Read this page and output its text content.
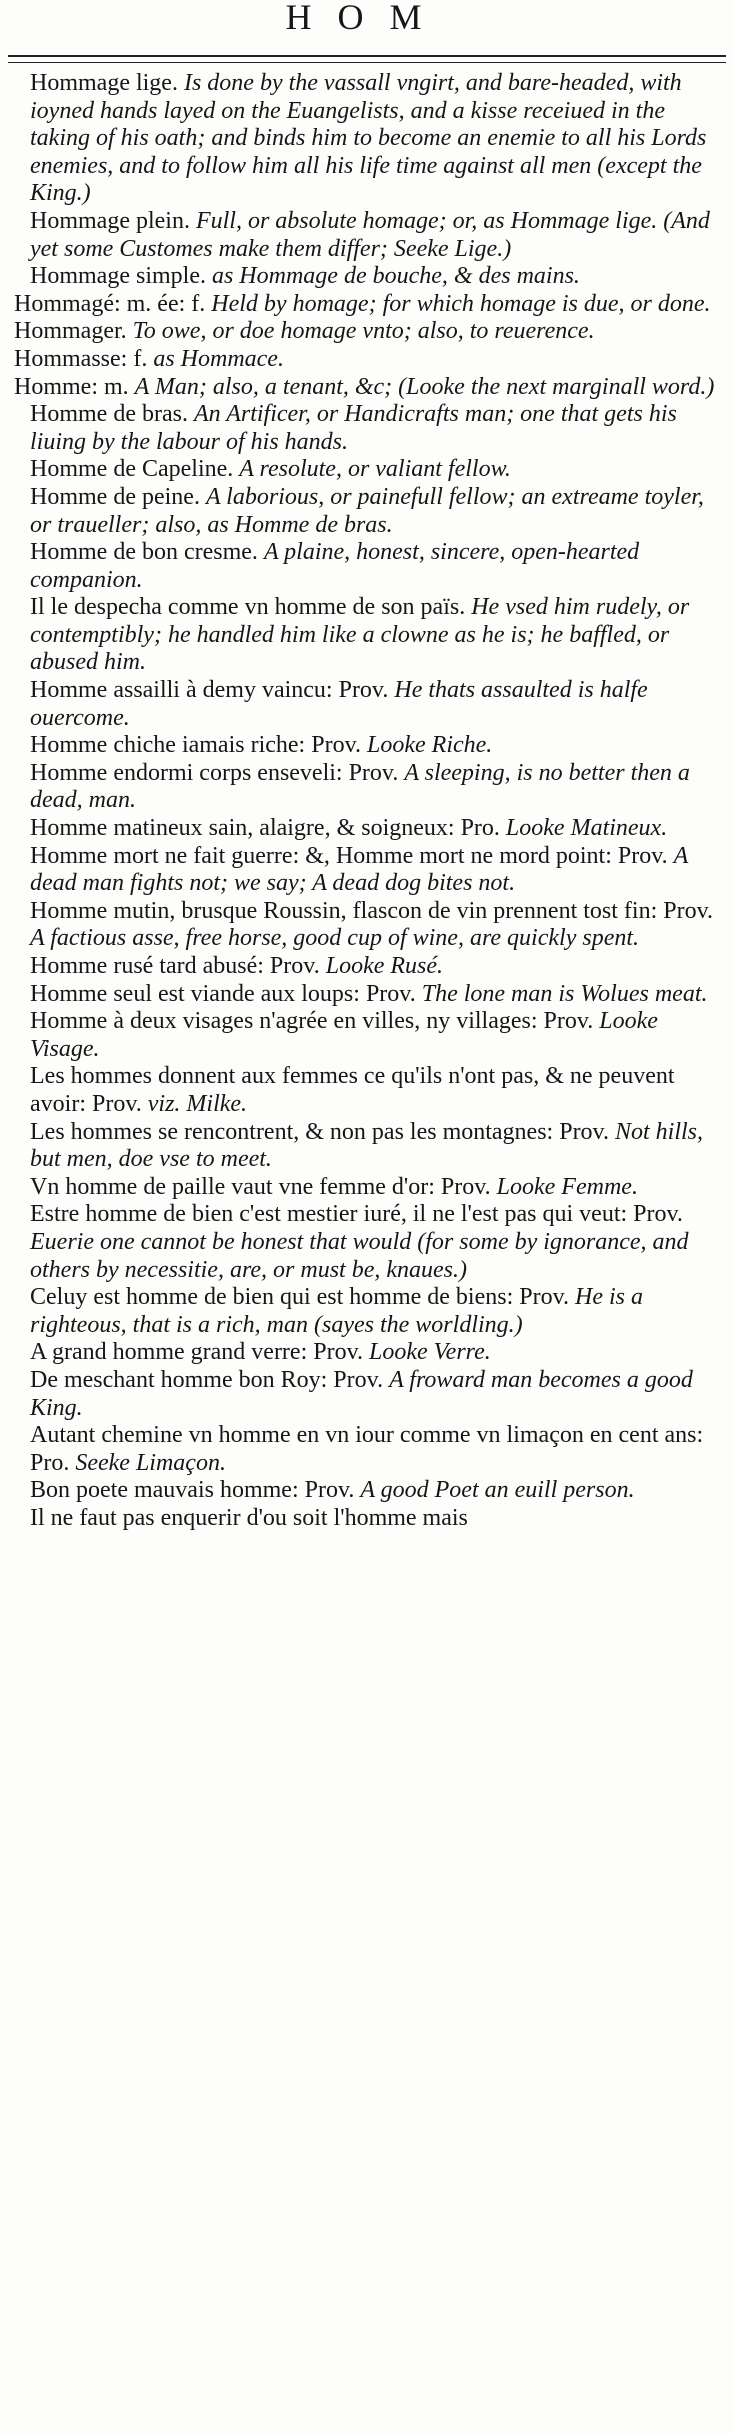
HOM

Hommage lige. Is done by the vassall vngirt, and bare-headed, with ioyned hands layed on the Euangelists, and a kisse receiued in the taking of his oath; and binds him to become an enemie to all his Lords enemies, and to follow him all his life time against all men (except the King.)

Hommage plein. Full, or absolute homage; or, as Hommage lige. (And yet some Customes make them differ; Seeke Lige.)

Hommage simple. as Hommage de bouche, & des mains.

Hommagé: m. ée: f. Held by homage; for which homage is due, or done.

Hommager. To owe, or doe homage vnto; also, to reuerence.

Hommasse: f. as Hommace.

Homme: m. A Man; also, a tenant, &c; (Looke the next marginall word.)

Homme de bras. An Artificer, or Handicrafts man; one that gets his liuing by the labour of his hands.

Homme de Capeline. A resolute, or valiant fellow.

Homme de peine. A laborious, or painefull fellow; an extreame toyler, or traueller; also, as Homme de bras.

Homme de bon cresme. A plaine, honest, sincere, open-hearted companion.

Il le despecha comme vn homme de son païs. He vsed him rudely, or contemptibly; he handled him like a clowne as he is; he baffled, or abused him.

Homme assailli à demy vaincu: Prov. He thats assaulted is halfe ouercome.

Homme chiche iamais riche: Prov. Looke Riche.

Homme endormi corps enseveli: Prov. A sleeping, is no better then a dead, man.

Homme matineux sain, alaigre, & soigneux: Pro. Looke Matineux.

Homme mort ne fait guerre: &, Homme mort ne mord point: Prov. A dead man fights not; we say; A dead dog bites not.

Homme mutin, brusque Roussin, flascon de vin prennent tost fin: Prov. A factious asse, free horse, good cup of wine, are quickly spent.

Homme rusé tard abusé: Prov. Looke Rusé.

Homme seul est viande aux loups: Prov. The lone man is Wolues meat.

Homme à deux visages n'agrée en villes, ny villages: Prov. Looke Visage.

Les hommes donnent aux femmes ce qu'ils n'ont pas, & ne peuvent avoir: Prov. viz. Milke.

Les hommes se rencontrent, & non pas les montagnes: Prov. Not hills, but men, doe vse to meet.

Vn homme de paille vaut vne femme d'or: Prov. Looke Femme.

Estre homme de bien c'est mestier iuré, il ne l'est pas qui veut: Prov. Euerie one cannot be honest that would (for some by ignorance, and others by necessitie, are, or must be, knaues.)

Celuy est homme de bien qui est homme de biens: Prov. He is a righteous, that is a rich, man (sayes the worldling.)

A grand homme grand verre: Prov. Looke Verre.

De meschant homme bon Roy: Prov. A froward man becomes a good King.

Autant chemine vn homme en vn iour comme vn limaçon en cent ans: Pro. Seeke Limaçon.

Bon poete mauvais homme: Prov. A good Poet an euill person.

Il ne faut pas enquerir d'ou soit l'homme mais
